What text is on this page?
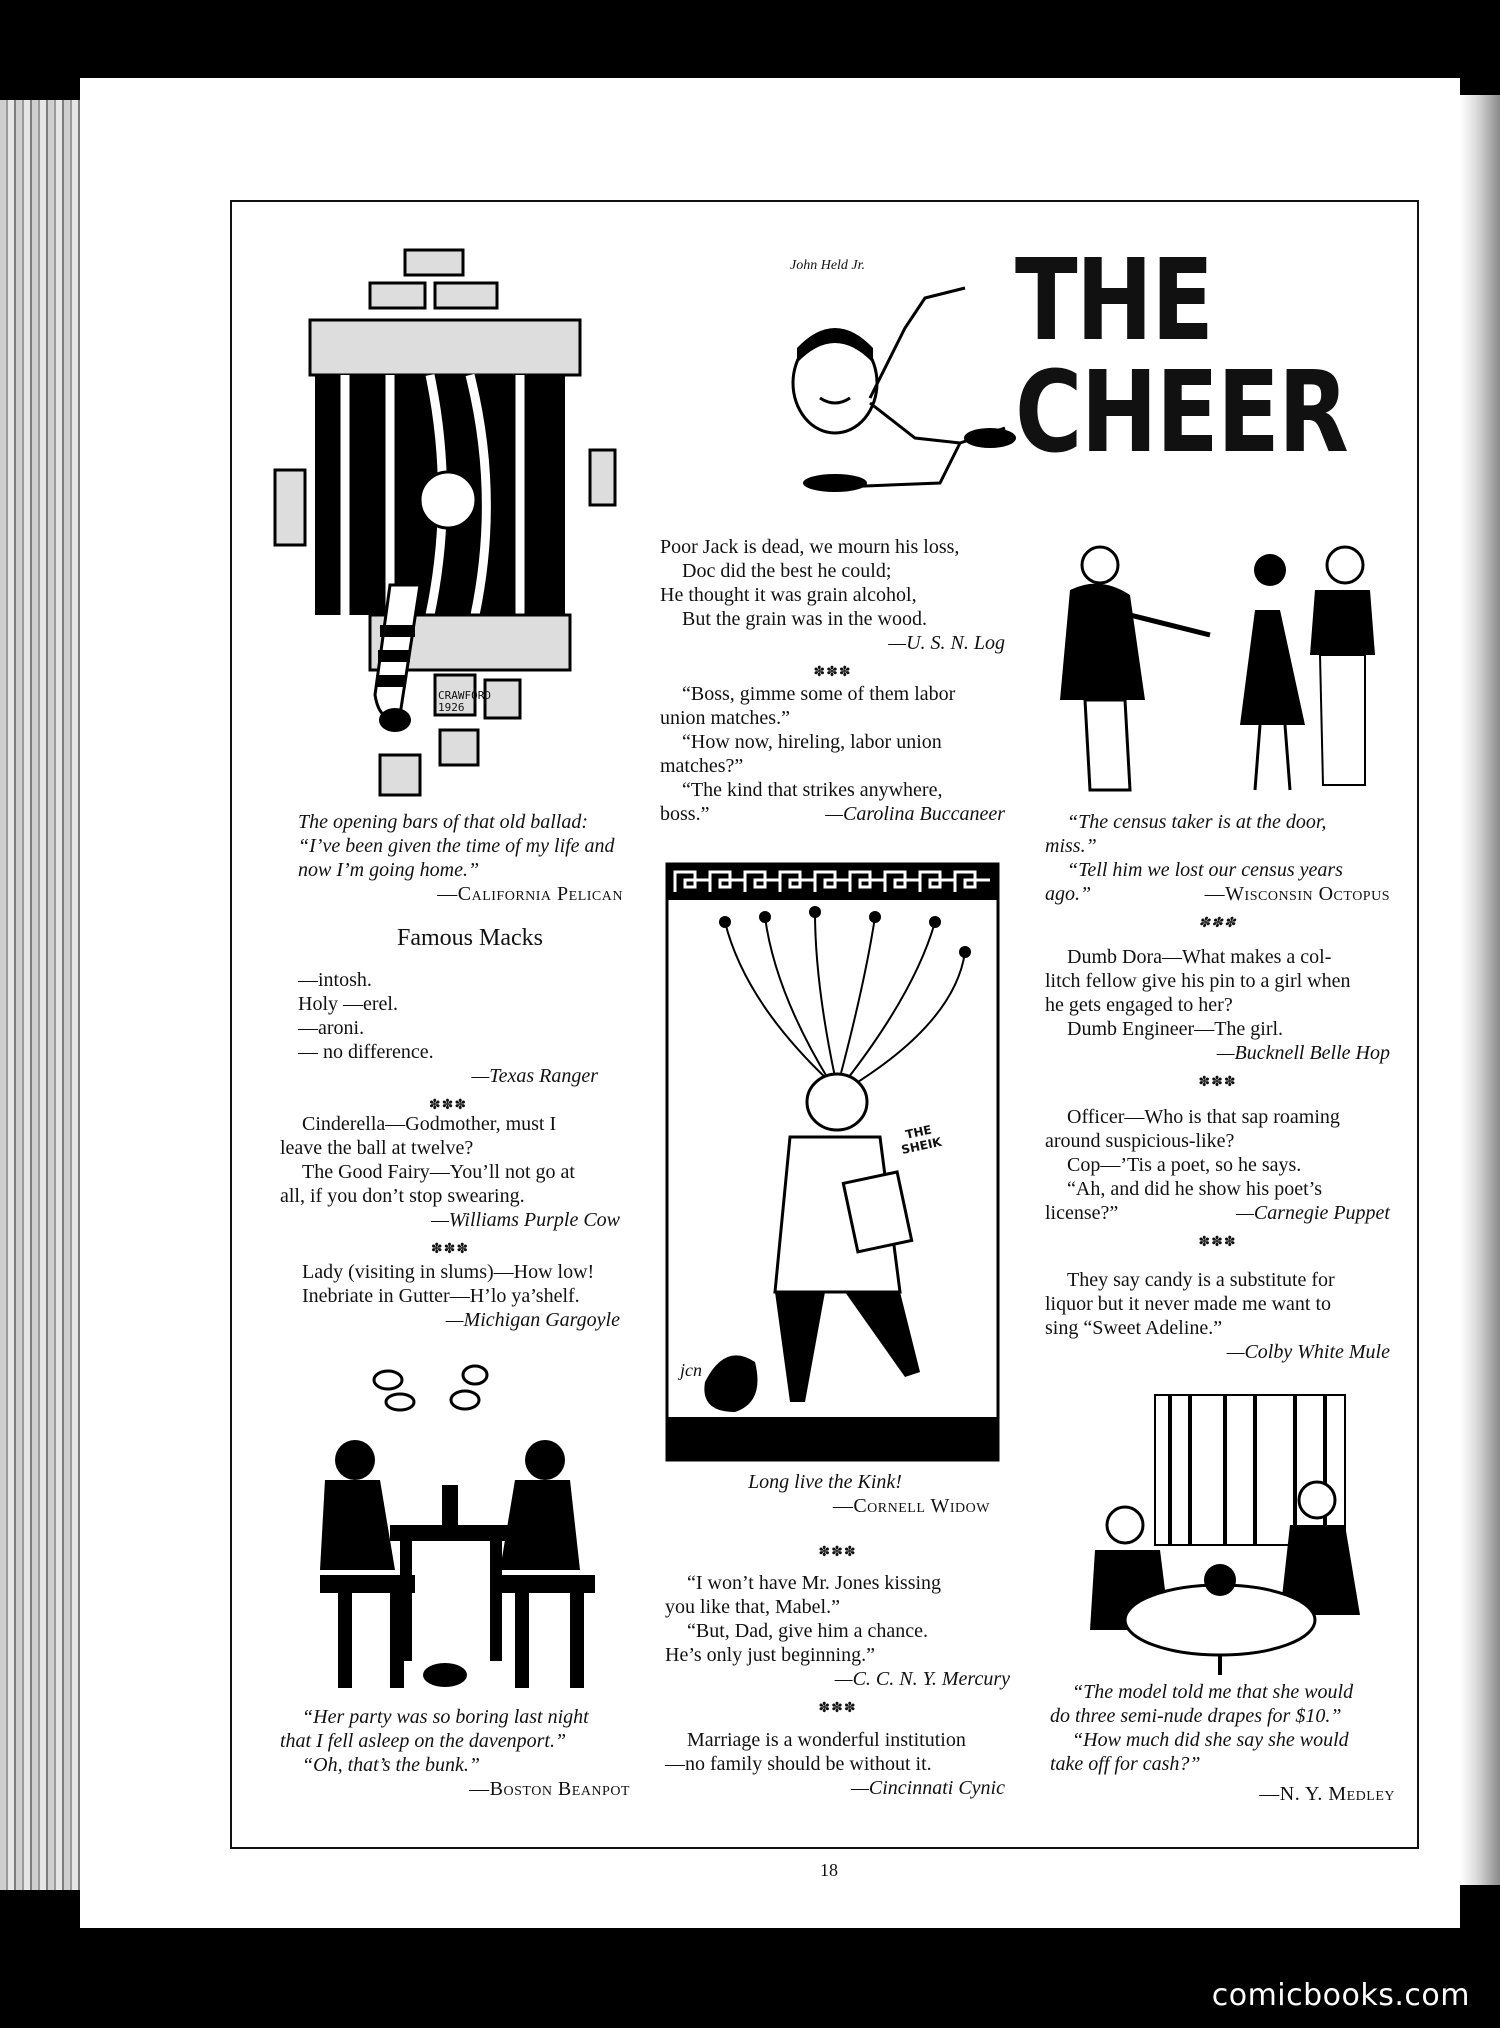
John Held Jr. THE CHEER
CRAWFORD 1926
The opening bars of that old ballad:
“I’ve been given the time of my life and
now I’m going home.”
—California Pelican
Famous Macks
—intosh.
Holy —erel.
—aroni.
— no difference.
—Texas Ranger
✽✽✽
Cinderella—Godmother, must I
leave the ball at twelve?
The Good Fairy—You’ll not go at
all, if you don’t stop swearing.
—Williams Purple Cow
✽✽✽
Lady (visiting in slums)—How low!
Inebriate in Gutter—H’lo ya’shelf.
—Michigan Gargoyle
“Her party was so boring last night
that I fell asleep on the davenport.”
“Oh, that’s the bunk.”
—Boston Beanpot
Poor Jack is dead, we mourn his loss,
Doc did the best he could;
He thought it was grain alcohol,
But the grain was in the wood.
—U. S. N. Log
✽✽✽
“Boss, gimme some of them labor
union matches.”
“How now, hireling, labor union
matches?”
“The kind that strikes anywhere,
boss.”	—Carolina Buccaneer
THE SHEIK
jcn
Long live the Kink!
—Cornell Widow
✽✽✽
“I won’t have Mr. Jones kissing
you like that, Mabel.”
“But, Dad, give him a chance.
He’s only just beginning.”
—C. C. N. Y. Mercury
✽✽✽
Marriage is a wonderful institution
—no family should be without it.
—Cincinnati Cynic
“The census taker is at the door,
miss.”
“Tell him we lost our census years
ago.”	—Wisconsin Octopus
✽✽✽
Dumb Dora—What makes a col-
litch fellow give his pin to a girl when
he gets engaged to her?
Dumb Engineer—The girl.
—Bucknell Belle Hop
✽✽✽
Officer—Who is that sap roaming
around suspicious-like?
Cop—’Tis a poet, so he says.
“Ah, and did he show his poet’s
license?”	—Carnegie Puppet
✽✽✽
They say candy is a substitute for
liquor but it never made me want to
sing “Sweet Adeline.”
—Colby White Mule
“The model told me that she would
do three semi-nude drapes for $10.”
“How much did she say she would
take off for cash?”
—N. Y. Medley
18
comicbooks.com
